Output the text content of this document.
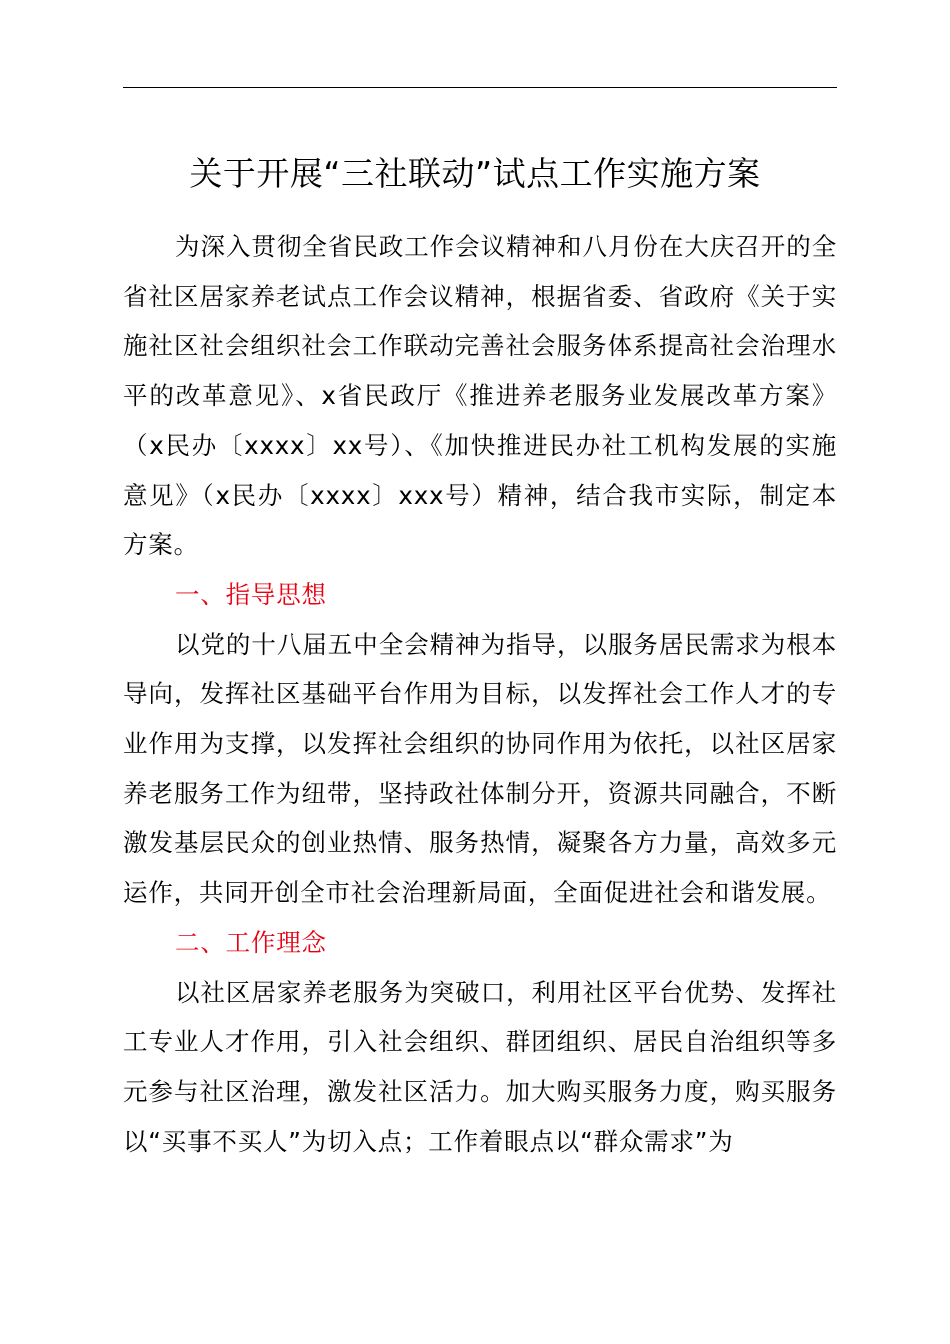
关于开展“三社联动”试点工作实施方案

为深入贯彻全省民政工作会议精神和八月份在大庆召开的全省社区居家养老试点工作会议精神，根据省委、省政府《关于实施社区社会组织社会工作联动完善社会服务体系提高社会治理水平的改革意见》、x省民政厅《推进养老服务业发展改革方案》（x民办〔xxxx〕xx号）、《加快推进民办社工机构发展的实施意见》（x民办〔xxxx〕xxx号）精神，结合我市实际，制定本方案。

一、指导思想

以党的十八届五中全会精神为指导，以服务居民需求为根本导向，发挥社区基础平台作用为目标，以发挥社会工作人才的专业作用为支撑，以发挥社会组织的协同作用为依托，以社区居家养老服务工作为纽带，坚持政社体制分开，资源共同融合，不断激发基层民众的创业热情、服务热情，凝聚各方力量，高效多元运作，共同开创全市社会治理新局面，全面促进社会和谐发展。

二、工作理念

以社区居家养老服务为突破口，利用社区平台优势、发挥社工专业人才作用，引入社会组织、群团组织、居民自治组织等多元参与社区治理，激发社区活力。加大购买服务力度，购买服务以“买事不买人”为切入点；工作着眼点以“群众需求”为
